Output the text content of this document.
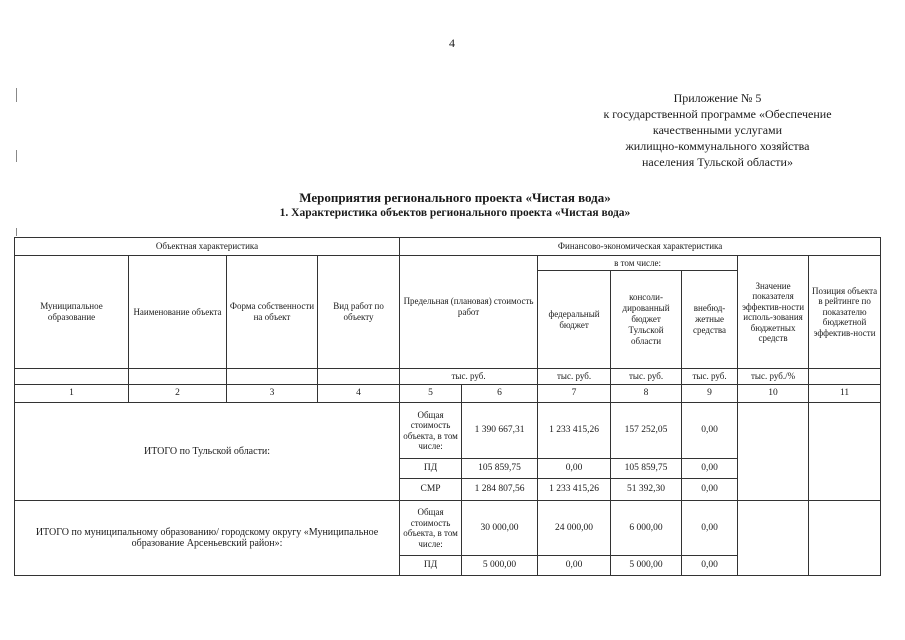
4
Приложение № 5
к государственной программе «Обеспечение
качественными услугами
жилищно-коммунального хозяйства
населения Тульской области»
Мероприятия регионального проекта «Чистая вода»
1. Характеристика объектов регионального проекта «Чистая вода»
Объектная характеристика				Финансово-экономическая характеристика						
Муниципальное образование	Наименование объекта	Форма собственности на объект	Вид работ по объекту	Предельная (плановая) стоимость работ		в том числе:			Значение показателя эффектив-ности исполь-зования бюджетных средств	Позиция объекта в рейтинге по показателю бюджетной эффектив-ности
						федеральный бюджет	консоли-дированный бюджет Тульской области	внебюд-жетные средства		
				тыс. руб.		тыс. руб.	тыс. руб.	тыс. руб.	тыс. руб./%	
1	2	3	4	5	6	7	8	9	10	11
ИТОГО по Тульской области:				Общая стоимость объекта, в том числе:	1 390 667,31	1 233 415,26	157 252,05	0,00		
				ПД	105 859,75	0,00	105 859,75	0,00		
				СМР	1 284 807,56	1 233 415,26	51 392,30	0,00		
ИТОГО по муниципальному образованию/ городскому округу «Муниципальное образование Арсеньевский район»:				Общая стоимость объекта, в том числе:	30 000,00	24 000,00	6 000,00	0,00		
				ПД	5 000,00	0,00	5 000,00	0,00		
